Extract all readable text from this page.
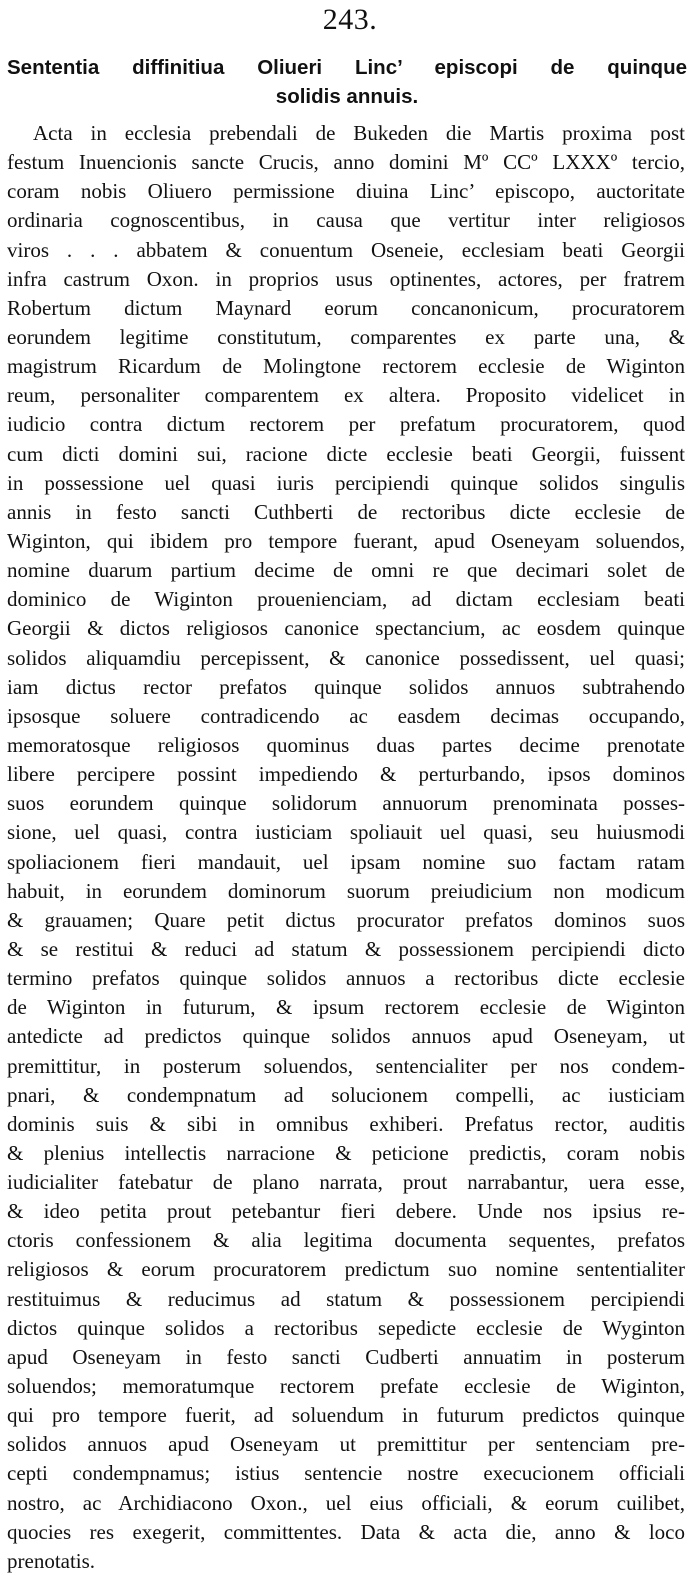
243.
Sententia diffinitiua Oliueri Linc’ episcopi de quinque
solidis annuis.
Acta in ecclesia prebendali de Bukeden die Martis proxima post
festum Inuencionis sancte Crucis, anno domini Mº CCº LXXXº tercio,
coram nobis Oliuero permissione diuina Linc’ episcopo, auctoritate
ordinaria cognoscentibus, in causa que vertitur inter religiosos
viros . . . abbatem & conuentum Oseneie, ecclesiam beati Georgii
infra castrum Oxon. in proprios usus optinentes, actores, per fratrem
Robertum dictum Maynard eorum concanonicum, procuratorem
eorundem legitime constitutum, comparentes ex parte una, &
magistrum Ricardum de Molingtone rectorem ecclesie de Wiginton
reum, personaliter comparentem ex altera. Proposito videlicet in
iudicio contra dictum rectorem per prefatum procuratorem, quod
cum dicti domini sui, racione dicte ecclesie beati Georgii, fuissent
in possessione uel quasi iuris percipiendi quinque solidos singulis
annis in festo sancti Cuthberti de rectoribus dicte ecclesie de
Wiginton, qui ibidem pro tempore fuerant, apud Oseneyam soluendos,
nomine duarum partium decime de omni re que decimari solet de
dominico de Wiginton prouenienciam, ad dictam ecclesiam beati
Georgii & dictos religiosos canonice spectancium, ac eosdem quinque
solidos aliquamdiu percepissent, & canonice possedissent, uel quasi;
iam dictus rector prefatos quinque solidos annuos subtrahendo
ipsosque soluere contradicendo ac easdem decimas occupando,
memoratosque religiosos quominus duas partes decime prenotate
libere percipere possint impediendo & perturbando, ipsos dominos
suos eorundem quinque solidorum annuorum prenominata posses-
sione, uel quasi, contra iusticiam spoliauit uel quasi, seu huiusmodi
spoliacionem fieri mandauit, uel ipsam nomine suo factam ratam
habuit, in eorundem dominorum suorum preiudicium non modicum
& grauamen; Quare petit dictus procurator prefatos dominos suos
& se restitui & reduci ad statum & possessionem percipiendi dicto
termino prefatos quinque solidos annuos a rectoribus dicte ecclesie
de Wiginton in futurum, & ipsum rectorem ecclesie de Wiginton
antedicte ad predictos quinque solidos annuos apud Oseneyam, ut
premittitur, in posterum soluendos, sentencialiter per nos condem-
pnari, & condempnatum ad solucionem compelli, ac iusticiam
dominis suis & sibi in omnibus exhiberi. Prefatus rector, auditis
& plenius intellectis narracione & peticione predictis, coram nobis
iudicialiter fatebatur de plano narrata, prout narrabantur, uera esse,
& ideo petita prout petebantur fieri debere. Unde nos ipsius re-
ctoris confessionem & alia legitima documenta sequentes, prefatos
religiosos & eorum procuratorem predictum suo nomine sententialiter
restituimus & reducimus ad statum & possessionem percipiendi
dictos quinque solidos a rectoribus sepedicte ecclesie de Wyginton
apud Oseneyam in festo sancti Cudberti annuatim in posterum
soluendos; memoratumque rectorem prefate ecclesie de Wiginton,
qui pro tempore fuerit, ad soluendum in futurum predictos quinque
solidos annuos apud Oseneyam ut premittitur per sentenciam pre-
cepti condempnamus; istius sentencie nostre execucionem officiali
nostro, ac Archidiacono Oxon., uel eius officiali, & eorum cuilibet,
quocies res exegerit, committentes. Data & acta die, anno & loco
prenotatis.
